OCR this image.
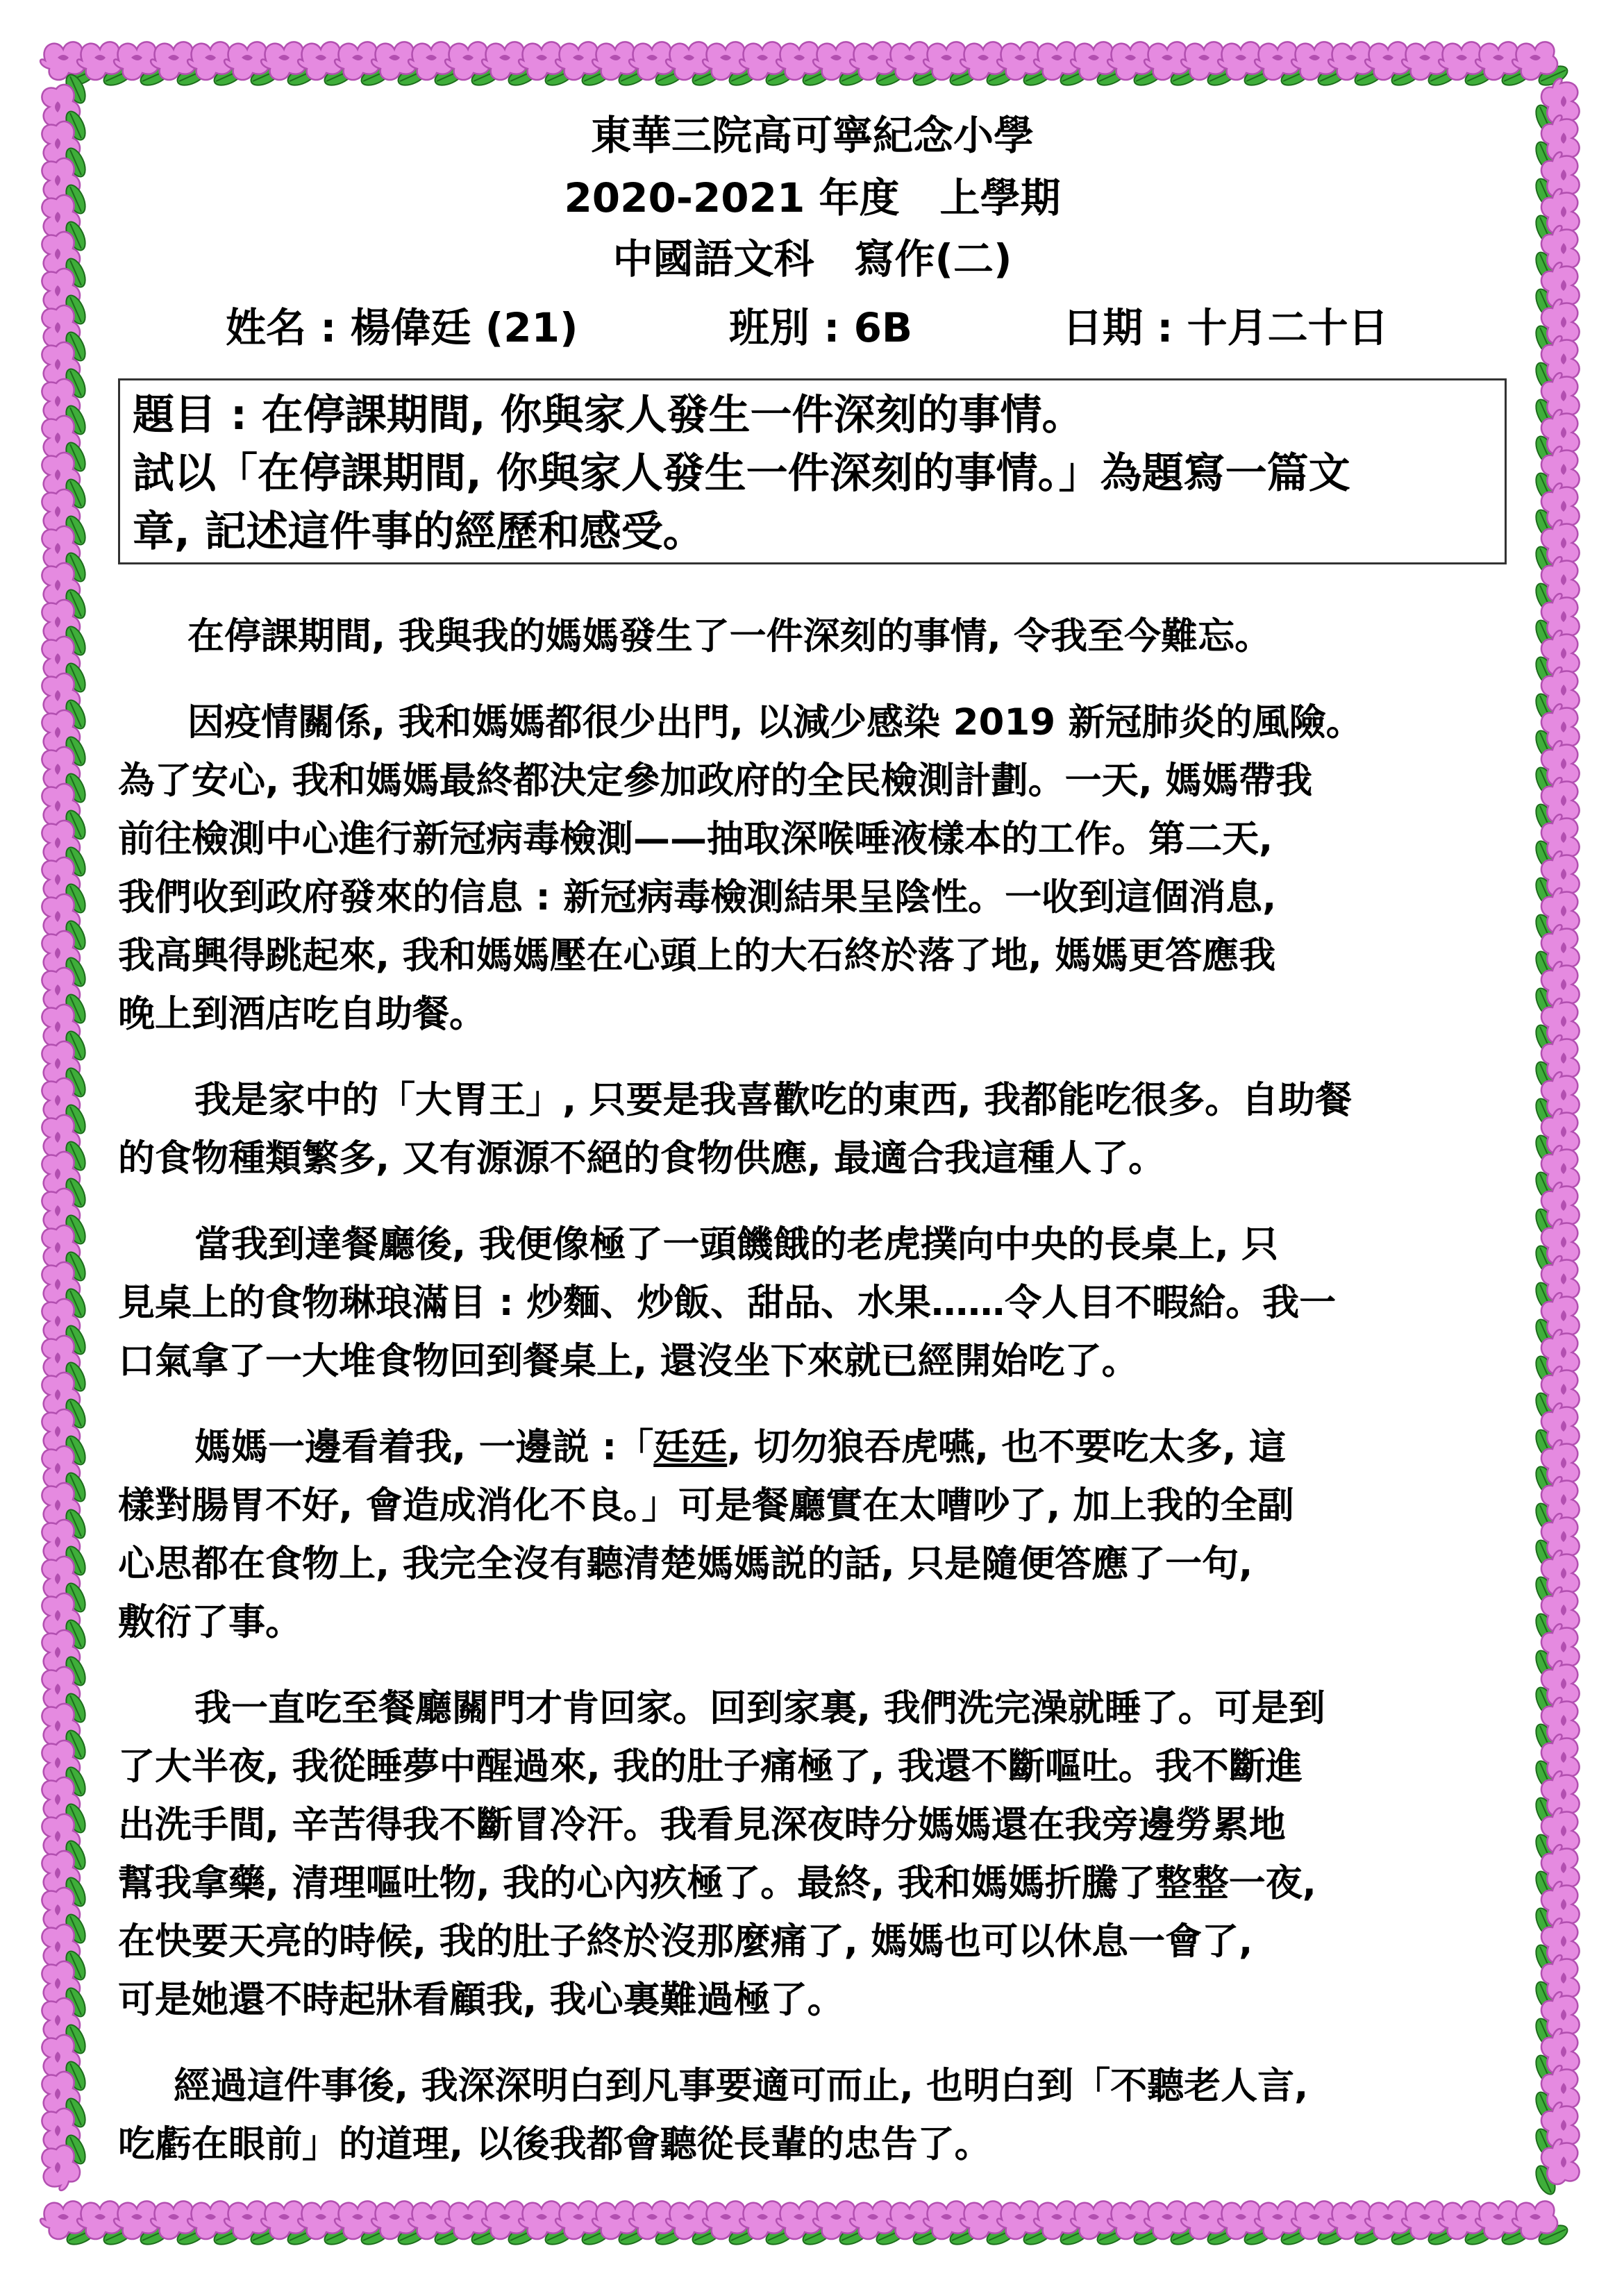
東華三院高可寧紀念小學
2020-2021 年度　上學期
中國語文科　寫作(二)
姓名 : 楊偉廷 (21)	班別 : 6B	日期 : 十月二十日
題目 : 在停課期間, 你與家人發生一件深刻的事情。
試以「在停課期間, 你與家人發生一件深刻的事情。」為題寫一篇文
章, 記述這件事的經歷和感受。

在停課期間, 我與我的媽媽發生了一件深刻的事情, 令我至今難忘。

因疫情關係, 我和媽媽都很少出門, 以減少感染 2019 新冠肺炎的風險。

為了安心, 我和媽媽最終都決定參加政府的全民檢測計劃。一天, 媽媽帶我

前往檢測中心進行新冠病毒檢測——抽取深喉唾液樣本的工作。第二天,

我們收到政府發來的信息 : 新冠病毒檢測結果呈陰性。一收到這個消息,

我高興得跳起來, 我和媽媽壓在心頭上的大石終於落了地, 媽媽更答應我

晚上到酒店吃自助餐。

我是家中的「大胃王」, 只要是我喜歡吃的東西, 我都能吃很多。自助餐

的食物種類繁多, 又有源源不絕的食物供應, 最適合我這種人了。

當我到達餐廳後, 我便像極了一頭饑餓的老虎撲向中央的長桌上, 只

見桌上的食物琳琅滿目 : 炒麵、炒飯、甜品、水果……令人目不暇給。我一

口氣拿了一大堆食物回到餐桌上, 還沒坐下來就已經開始吃了。

媽媽一邊看着我, 一邊説 :「廷廷, 切勿狼吞虎嚥, 也不要吃太多, 這

樣對腸胃不好, 會造成消化不良。」可是餐廳實在太嘈吵了, 加上我的全副

心思都在食物上, 我完全沒有聽清楚媽媽説的話, 只是隨便答應了一句,

敷衍了事。

我一直吃至餐廳關門才肯回家。回到家裏, 我們洗完澡就睡了。可是到

了大半夜, 我從睡夢中醒過來, 我的肚子痛極了, 我還不斷嘔吐。我不斷進

出洗手間, 辛苦得我不斷冒冷汗。我看見深夜時分媽媽還在我旁邊勞累地

幫我拿藥, 清理嘔吐物, 我的心內疚極了。最終, 我和媽媽折騰了整整一夜,

在快要天亮的時候, 我的肚子終於沒那麼痛了, 媽媽也可以休息一會了,

可是她還不時起牀看顧我, 我心裏難過極了。

經過這件事後, 我深深明白到凡事要適可而止, 也明白到「不聽老人言,

吃虧在眼前」的道理, 以後我都會聽從長輩的忠告了。
